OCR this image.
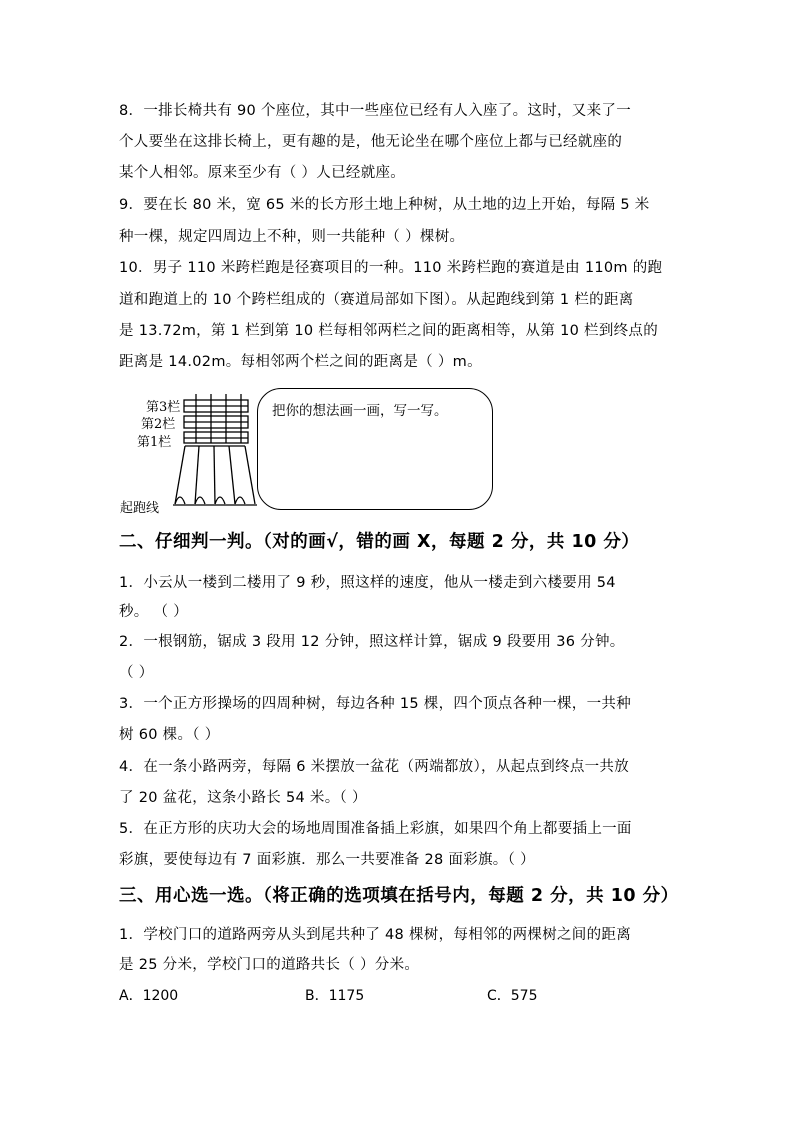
8．一排长椅共有 90 个座位，其中一些座位已经有人入座了。这时，又来了一
个人要坐在这排长椅上，更有趣的是，他无论坐在哪个座位上都与已经就座的
某个人相邻。原来至少有（ ）人已经就座。
9．要在长 80 米，宽 65 米的长方形土地上种树，从土地的边上开始，每隔 5 米
种一棵，规定四周边上不种，则一共能种（ ）棵树。
10．男子 110 米跨栏跑是径赛项目的一种。110 米跨栏跑的赛道是由 110m 的跑
道和跑道上的 10 个跨栏组成的（赛道局部如下图）。从起跑线到第 1 栏的距离
是 13.72m，第 1 栏到第 10 栏每相邻两栏之间的距离相等，从第 10 栏到终点的
距离是 14.02m。每相邻两个栏之间的距离是（ ）m。
第3栏
第2栏
第1栏
起跑线
把你的想法画一画，写一写。
二、仔细判一判。（对的画√，错的画 X，每题 2 分，共 10 分）
1．小云从一楼到二楼用了 9 秒，照这样的速度，他从一楼走到六楼要用 54
秒。 （ ）
2．一根钢筋，锯成 3 段用 12 分钟，照这样计算，锯成 9 段要用 36 分钟。
（ ）
3．一个正方形操场的四周种树，每边各种 15 棵，四个顶点各种一棵，一共种
树 60 棵。（ ）
4．在一条小路两旁，每隔 6 米摆放一盆花（两端都放），从起点到终点一共放
了 20 盆花，这条小路长 54 米。（ ）
5．在正方形的庆功大会的场地周围准备插上彩旗，如果四个角上都要插上一面
彩旗，要使每边有 7 面彩旗．那么一共要准备 28 面彩旗。（ ）
三、用心选一选。（将正确的选项填在括号内，每题 2 分，共 10 分）
1．学校门口的道路两旁从头到尾共种了 48 棵树，每相邻的两棵树之间的距离
是 25 分米，学校门口的道路共长（ ）分米。
A．1200	B．1175	C．575
